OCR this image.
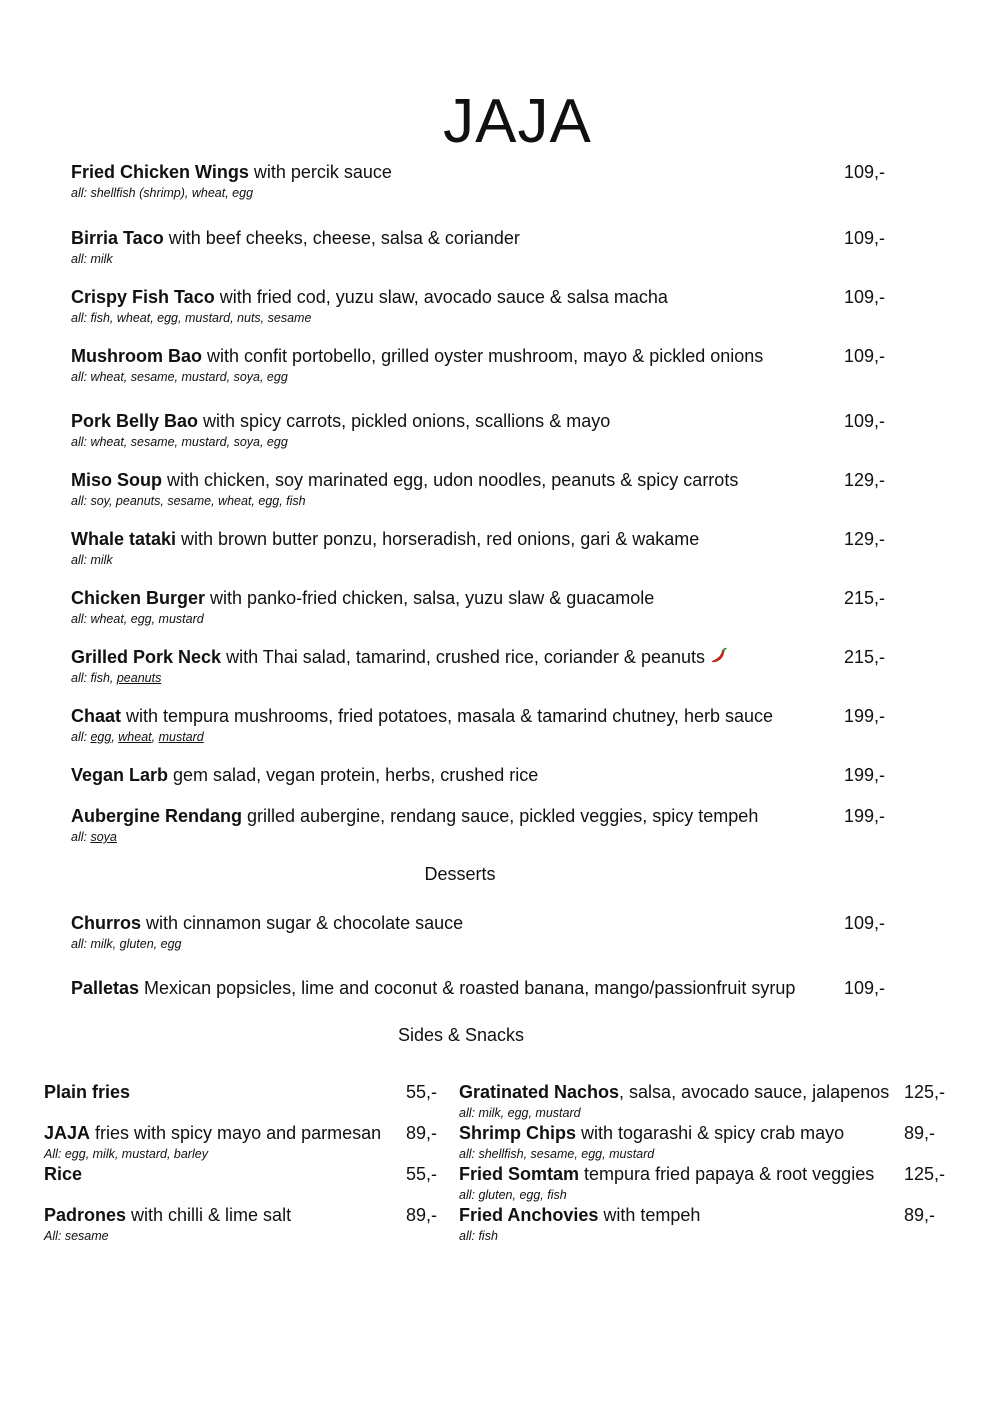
JAJA
Fried Chicken Wings with percik sauce	109,-
all: shellfish (shrimp), wheat, egg
Birria Taco with beef cheeks, cheese, salsa & coriander	109,-
all: milk
Crispy Fish Taco with fried cod, yuzu slaw, avocado sauce & salsa macha	109,-
all: fish, wheat, egg, mustard, nuts, sesame
Mushroom Bao with confit portobello, grilled oyster mushroom, mayo & pickled onions	109,-
all: wheat, sesame, mustard, soya, egg
Pork Belly Bao with spicy carrots, pickled onions, scallions & mayo	109,-
all: wheat, sesame, mustard, soya, egg
Miso Soup with chicken, soy marinated egg, udon noodles, peanuts & spicy carrots	129,-
all: soy, peanuts, sesame, wheat, egg, fish
Whale tataki with brown butter ponzu, horseradish, red onions, gari & wakame	129,-
all: milk
Chicken Burger with panko-fried chicken, salsa, yuzu slaw & guacamole	215,-
all: wheat, egg, mustard
Grilled Pork Neck with Thai salad, tamarind, crushed rice, coriander & peanuts	215,-
all: fish, peanuts
Chaat with tempura mushrooms, fried potatoes, masala & tamarind chutney, herb sauce	199,-
all: egg, wheat, mustard
Vegan Larb gem salad, vegan protein, herbs, crushed rice	199,-
Aubergine Rendang grilled aubergine, rendang sauce, pickled veggies, spicy tempeh	199,-
all: soya
Desserts
Churros with cinnamon sugar & chocolate sauce	109,-
all: milk, gluten, egg
Palletas Mexican popsicles, lime and coconut & roasted banana, mango/passionfruit syrup	109,-
Sides & Snacks
Plain fries	55,-
JAJA fries with spicy mayo and parmesan 89,-
All: egg, milk, mustard, barley
Rice	55,-
Padrones with chilli & lime salt	89,-
All: sesame
Gratinated Nachos, salsa, avocado sauce, jalapenos 125,-
all: milk, egg, mustard
Shrimp Chips with togarashi & spicy crab mayo	89,-
all: shellfish, sesame, egg, mustard
Fried Somtam tempura fried papaya & root veggies 125,-
all: gluten, egg, fish
Fried Anchovies with tempeh	89,-
all: fish
